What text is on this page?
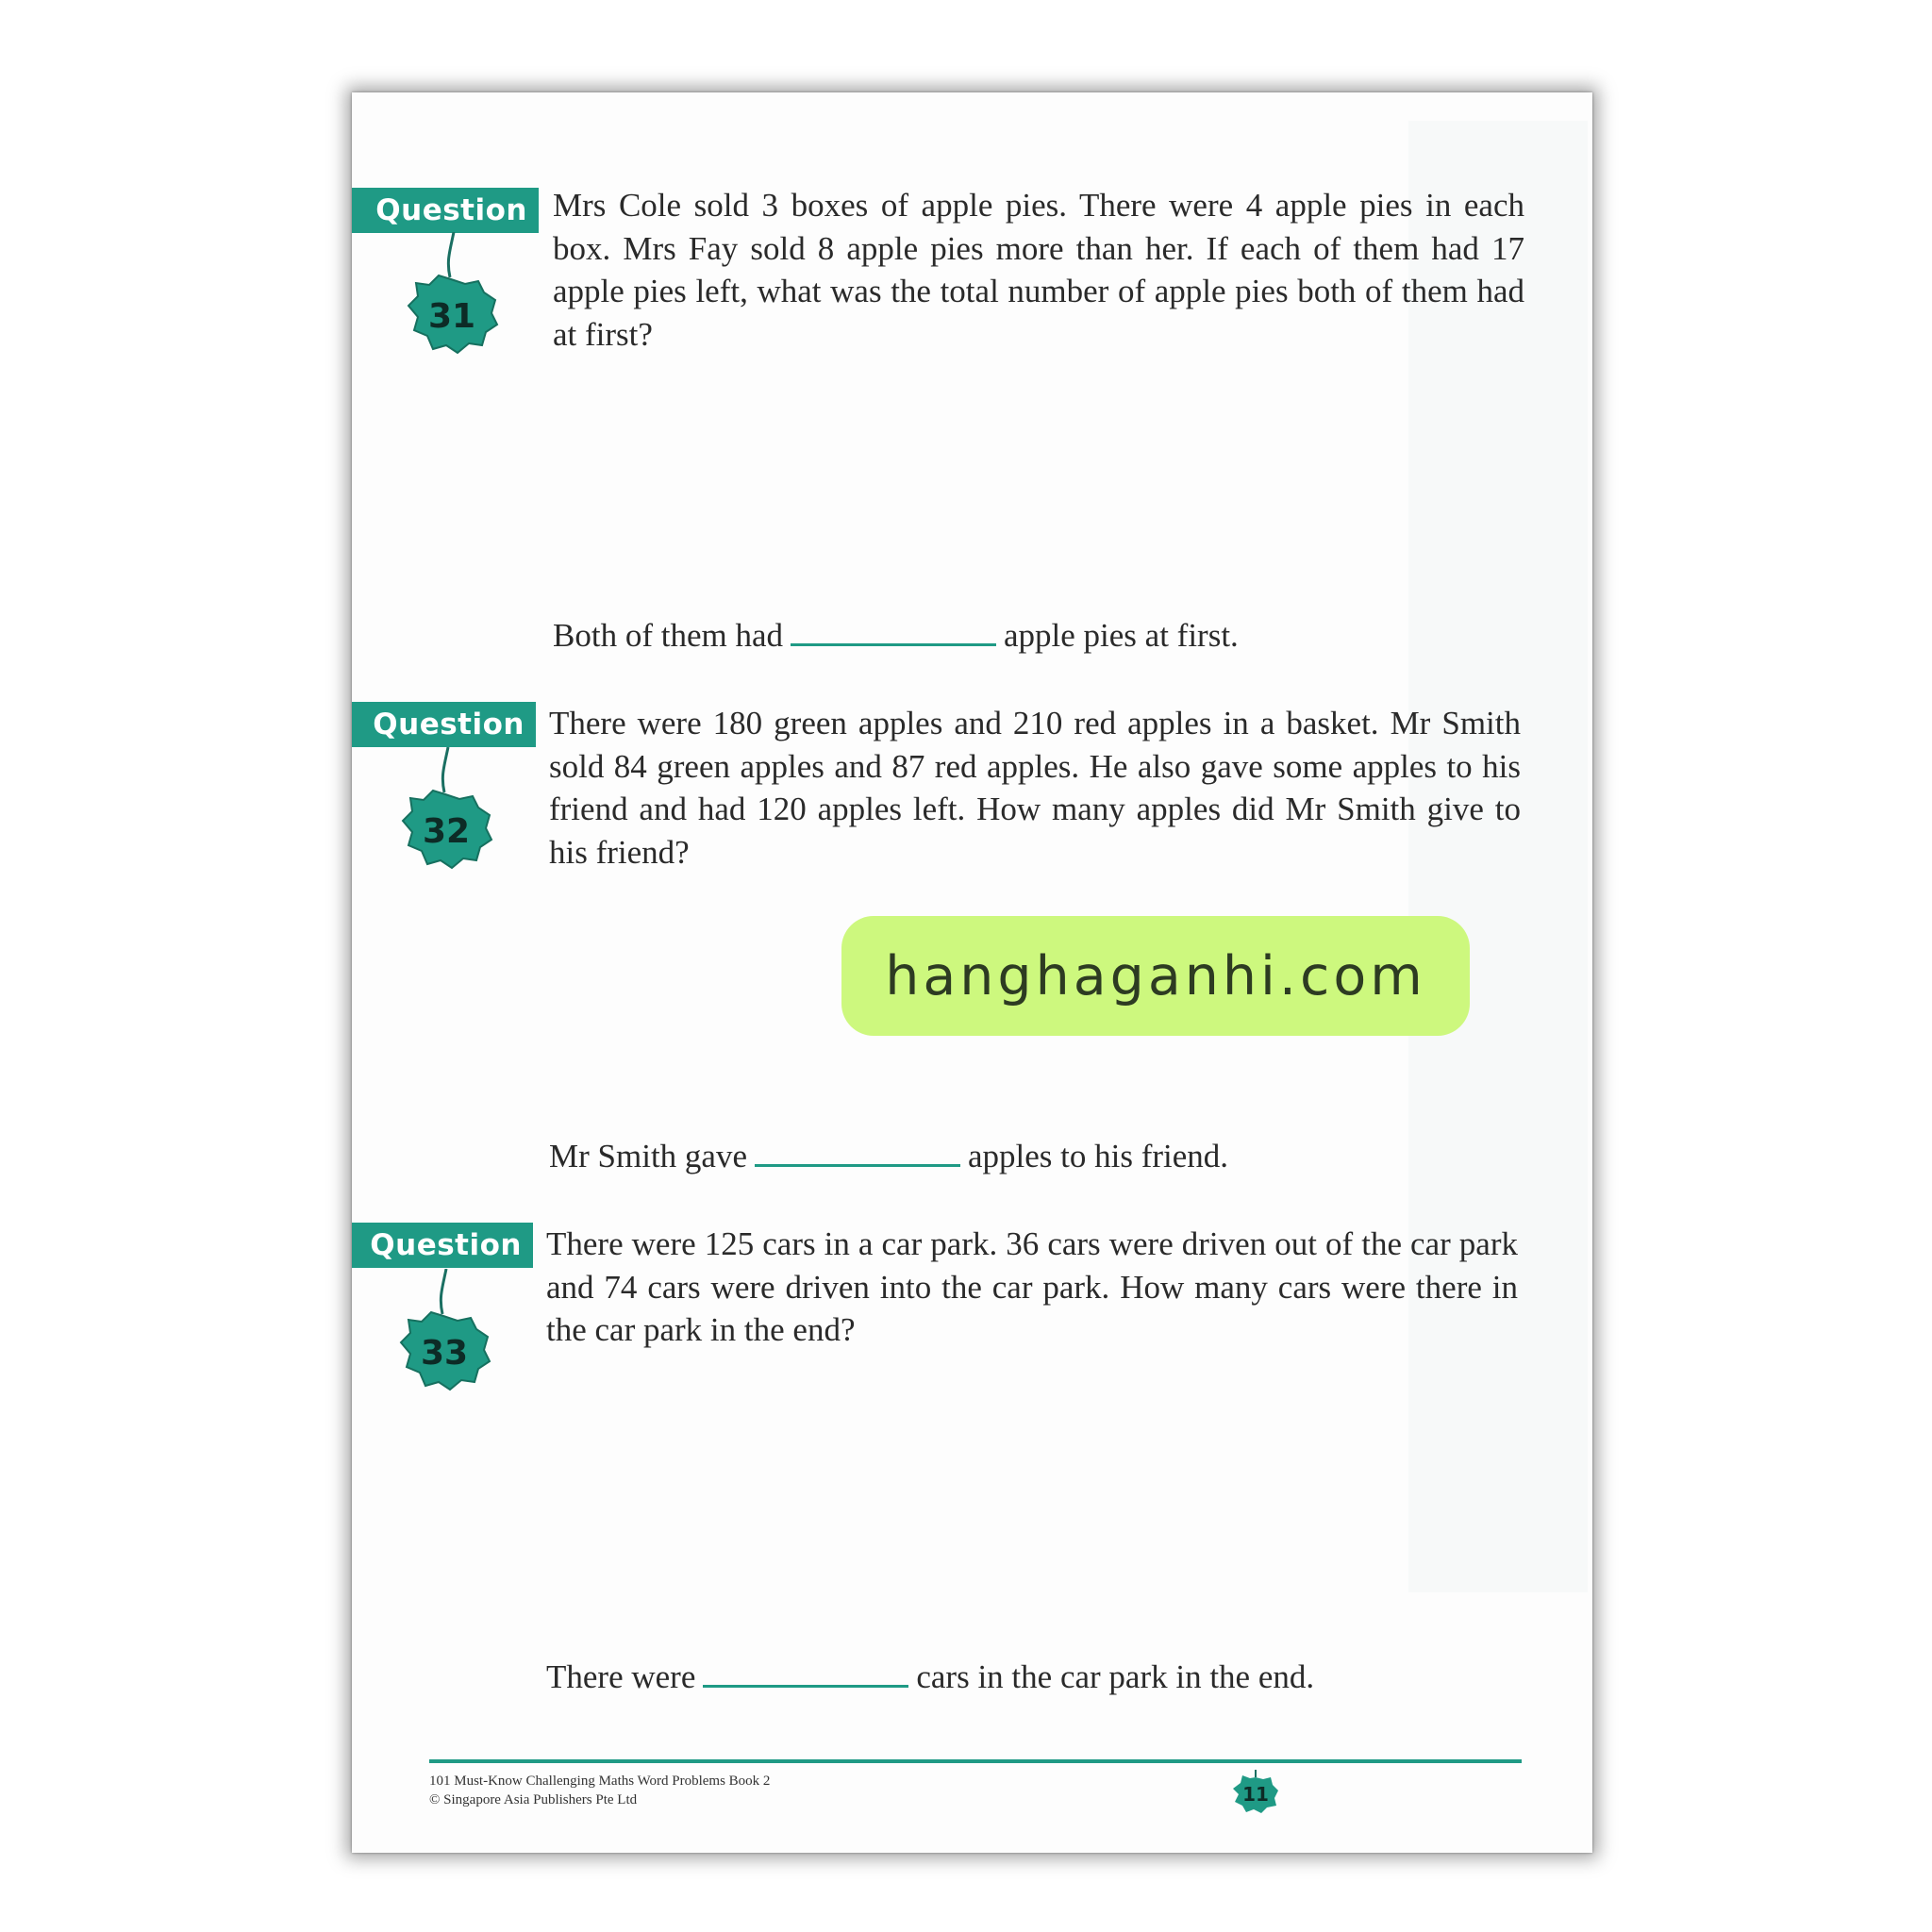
Question
31
Mrs Cole sold 3 boxes of apple pies. There were 4 apple pies in each box. Mrs Fay sold 8 apple pies more than her. If each of them had 17 apple pies left, what was the total number of apple pies both of them had at first?
Both of them had	apple pies at first.
Question
32
There were 180 green apples and 210 red apples in a basket. Mr Smith sold 84 green apples and 87 red apples. He also gave some apples to his friend and had 120 apples left. How many apples did Mr Smith give to his friend?
Mr Smith gave	apples to his friend.
Question
33
There were 125 cars in a car park. 36 cars were driven out of the car park and 74 cars were driven into the car park. How many cars were there in the car park in the end?
There were	cars in the car park in the end.
101 Must-Know Challenging Maths Word Problems Book 2
© Singapore Asia Publishers Pte Ltd	11
hanghaganhi.com
